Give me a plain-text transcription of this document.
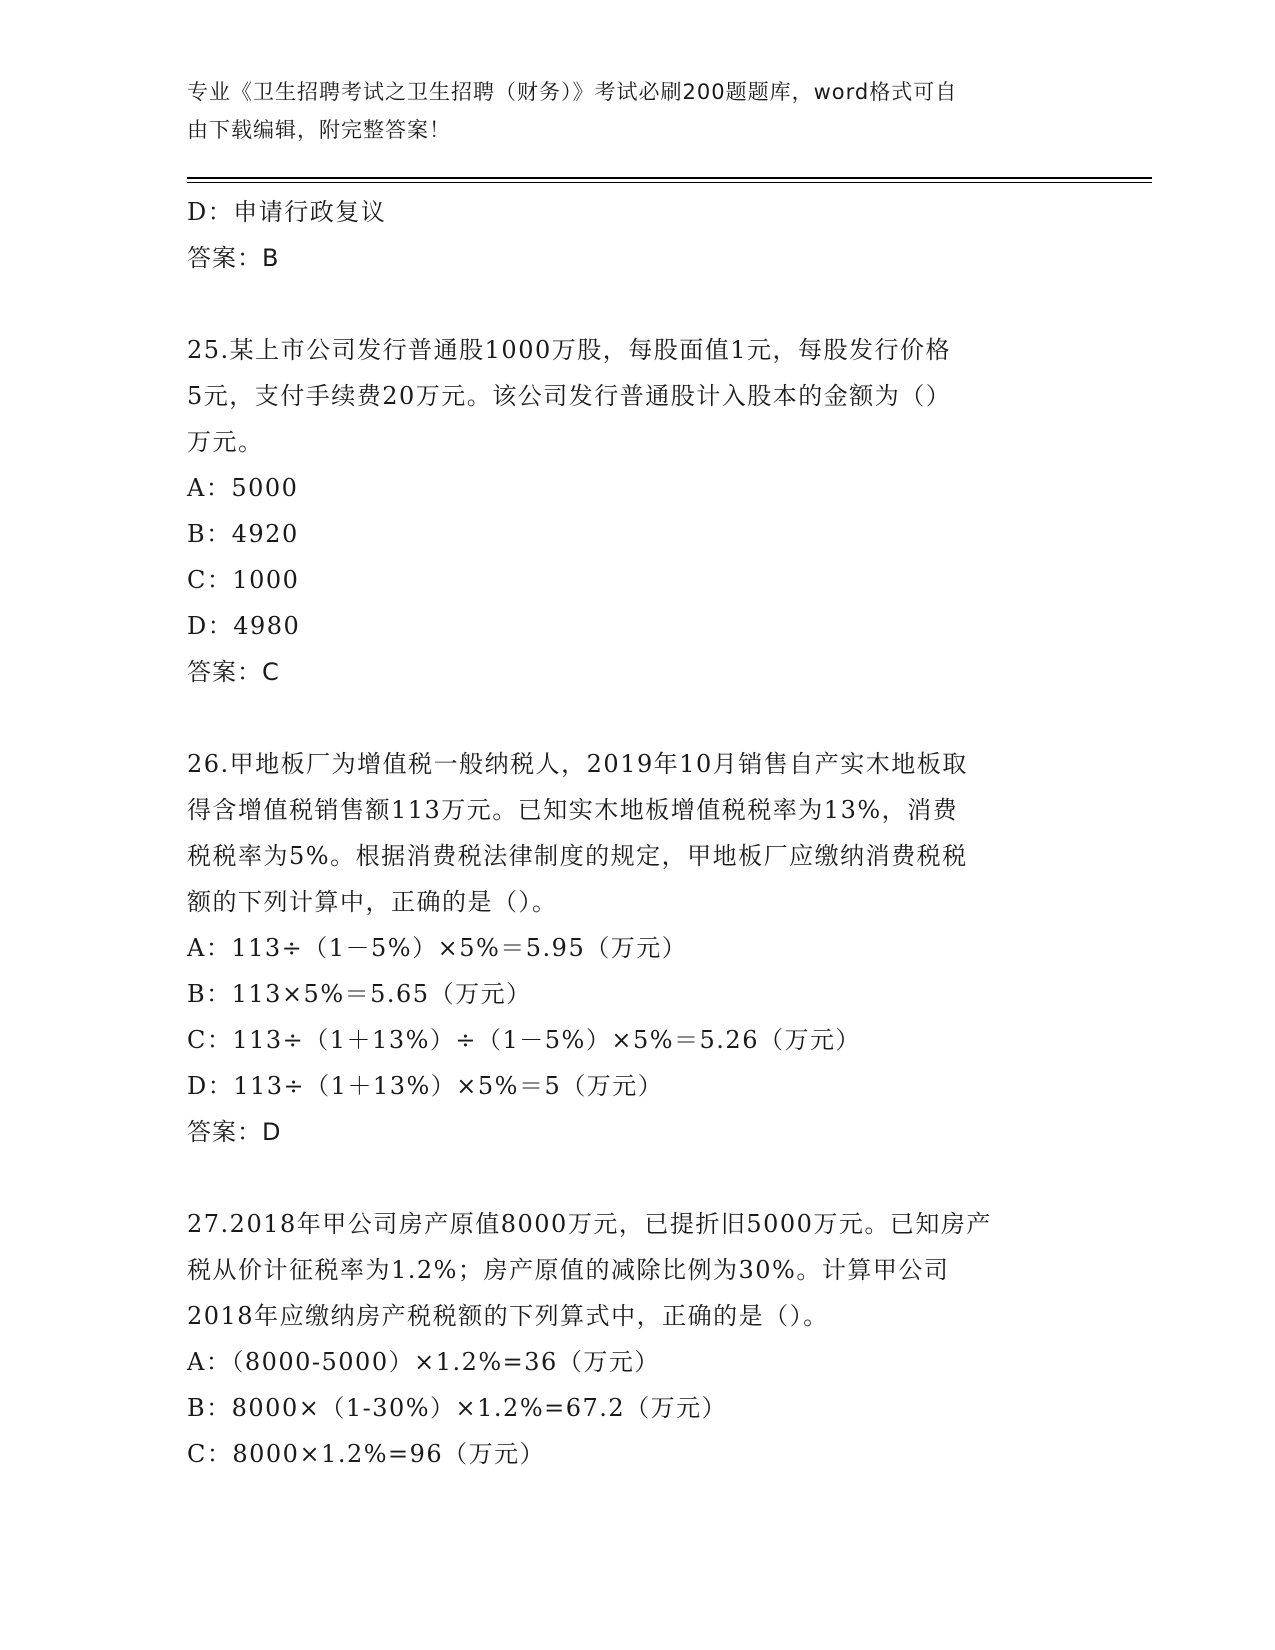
专业《卫生招聘考试之卫生招聘（财务）》考试必刷200题题库，word格式可自
由下载编辑，附完整答案！
D：申请行政复议
答案：B
25.某上市公司发行普通股1000万股，每股面值1元，每股发行价格
5元，支付手续费20万元。该公司发行普通股计入股本的金额为（）
万元。
A：5000
B：4920
C：1000
D：4980
答案：C
26.甲地板厂为增值税一般纳税人，2019年10月销售自产实木地板取
得含增值税销售额113万元。已知实木地板增值税税率为13%，消费
税税率为5%。根据消费税法律制度的规定，甲地板厂应缴纳消费税税
额的下列计算中，正确的是（）。
A：113÷（1－5%）×5%＝5.95（万元）
B：113×5%＝5.65（万元）
C：113÷（1＋13%）÷（1－5%）×5%＝5.26（万元）
D：113÷（1＋13%）×5%＝5（万元）
答案：D
27.2018年甲公司房产原值8000万元，已提折旧5000万元。已知房产
税从价计征税率为1.2%；房产原值的减除比例为30%。计算甲公司
2018年应缴纳房产税税额的下列算式中，正确的是（）。
A：（8000-5000）×1.2%=36（万元）
B：8000×（1-30%）×1.2%=67.2（万元）
C：8000×1.2%=96（万元）
